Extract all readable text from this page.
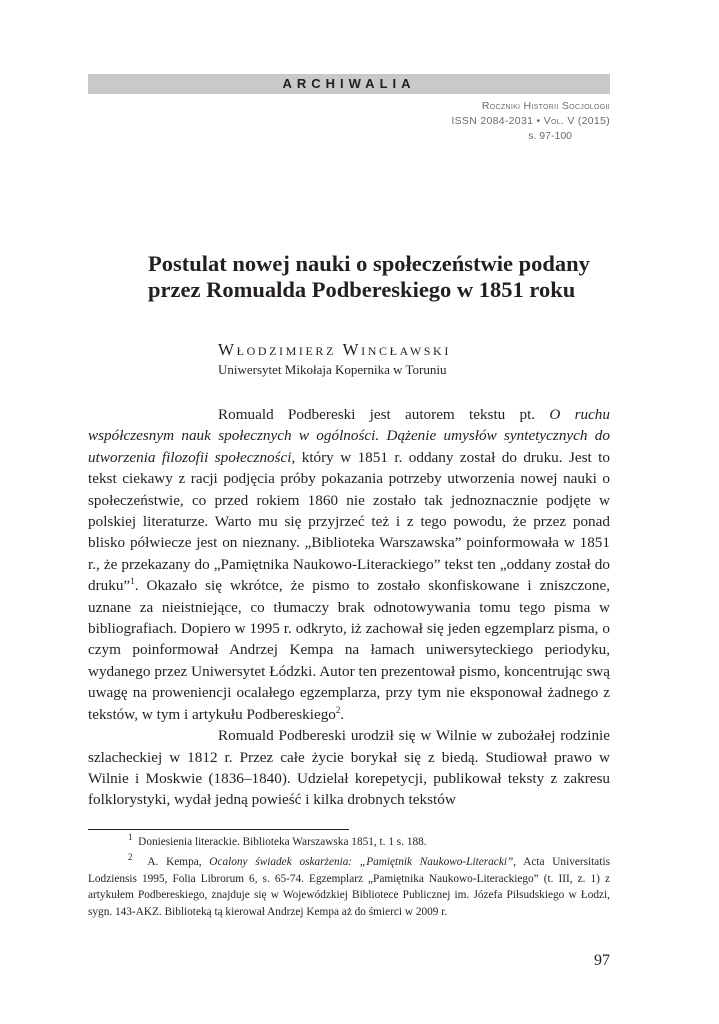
ARCHIWALIA
Roczniki Historii Socjologii
ISSN 2084-2031 • Vol. V (2015)
s. 97-100
Postulat nowej nauki o społeczeństwie podany
przez Romualda Podbereskiego w 1851 roku
Włodzimierz Wincławski
Uniwersytet Mikołaja Kopernika w Toruniu

Romuald Podbereski jest autorem tekstu pt. O ruchu współczesnym nauk społecznych w ogólności. Dążenie umysłów syntetycznych do utworzenia filozofii społeczności, który w 1851 r. oddany został do druku. Jest to tekst ciekawy z racji podjęcia próby pokazania potrzeby utworzenia nowej nauki o społeczeństwie, co przed rokiem 1860 nie zostało tak jednoznacznie podjęte w polskiej literaturze. Warto mu się przyjrzeć też i z tego powodu, że przez ponad blisko półwiecze jest on nieznany. „Biblioteka Warszawska” poinformowała w 1851 r., że przekazany do „Pamiętnika Naukowo-Literackiego” tekst ten „oddany został do druku”$^1$. Okazało się wkrótce, że pismo to zostało skonfiskowane i zniszczone, uznane za nieistniejące, co tłumaczy brak odnotowywania tomu tego pisma w bibliografiach. Dopiero w 1995 r. odkryto, iż zachował się jeden egzemplarz pisma, o czym poinformował Andrzej Kempa na łamach uniwersyteckiego periodyku, wydanego przez Uniwersytet Łódzki. Autor ten prezentował pismo, koncentrując swą uwagę na proweniencji ocalałego egzemplarza, przy tym nie eksponował żadnego z tekstów, w tym i artykułu Podbereskiego$^2$.

Romuald Podbereski urodził się w Wilnie w zubożałej rodzinie szlacheckiej w 1812 r. Przez całe życie borykał się z biedą. Studiował prawo w Wilnie i Moskwie (1836–1840). Udzielał korepetycji, publikował teksty z zakresu folklorystyki, wydał jedną powieść i kilka drobnych tekstów

$^1$ Doniesienia literackie. Biblioteka Warszawska 1851, t. 1 s. 188.

$^2$ A. Kempa, Ocalony świadek oskarżenia: „Pamiętnik Naukowo-Literacki”, Acta Universitatis Lodziensis 1995, Folia Librorum 6, s. 65-74. Egzemplarz „Pamiętnika Naukowo-Literackiego” (t. III, z. 1) z artykułem Podbereskiego, znajduje się w Wojewódzkiej Bibliotece Publicznej im. Józefa Piłsudskiego w Łodzi, sygn. 143-AKZ. Biblioteką tą kierował Andrzej Kempa aż do śmierci w 2009 r.

97
